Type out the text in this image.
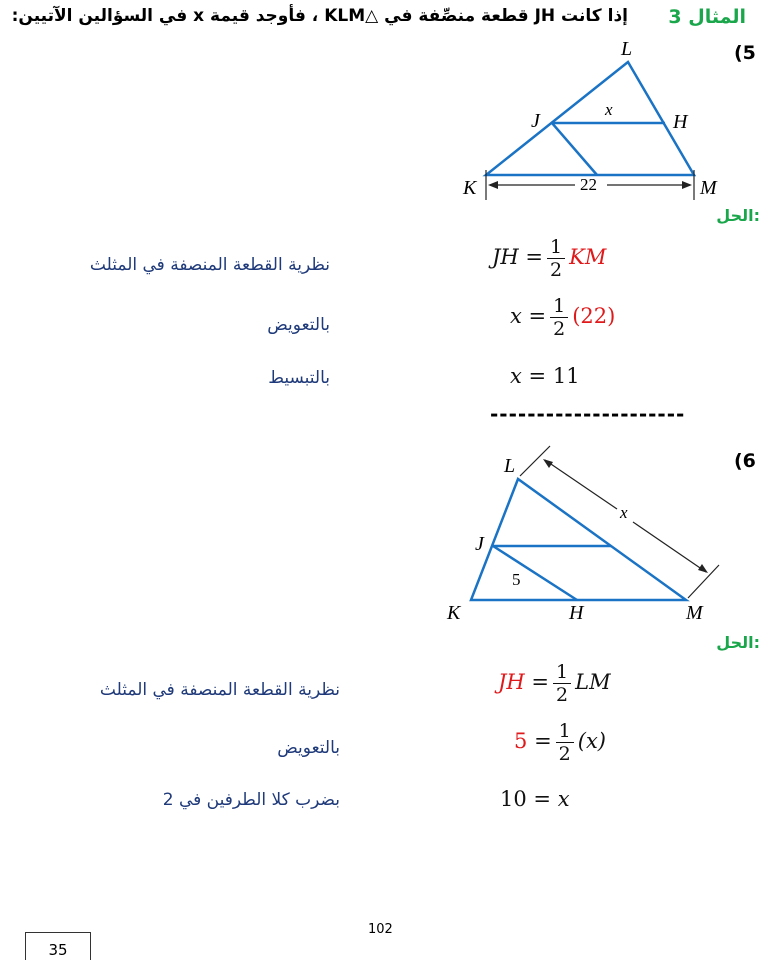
المثال 3
إذا كانت JH قطعة منصِّفة في △KLM ، فأوجد قيمة x في السؤالين الآتيين:
(5
L
J	H
K	M
x
22
الحل:
نظرية القطعة المنصفة في المثلث	JH = $\frac{1}{2}$ KM
بالتعويض	$x = \frac{1}{2} (22)$
بالتبسيط	x = 11
---------------------
(6
L
J
H
K	M
x
5
الحل:
نظرية القطعة المنصفة في المثلث	JH = $\frac{1}{2}$ LM
بالتعويض	$5 = \frac{1}{2} (x)$
بضرب كلا الطرفين في 2	10 = x
102
35
